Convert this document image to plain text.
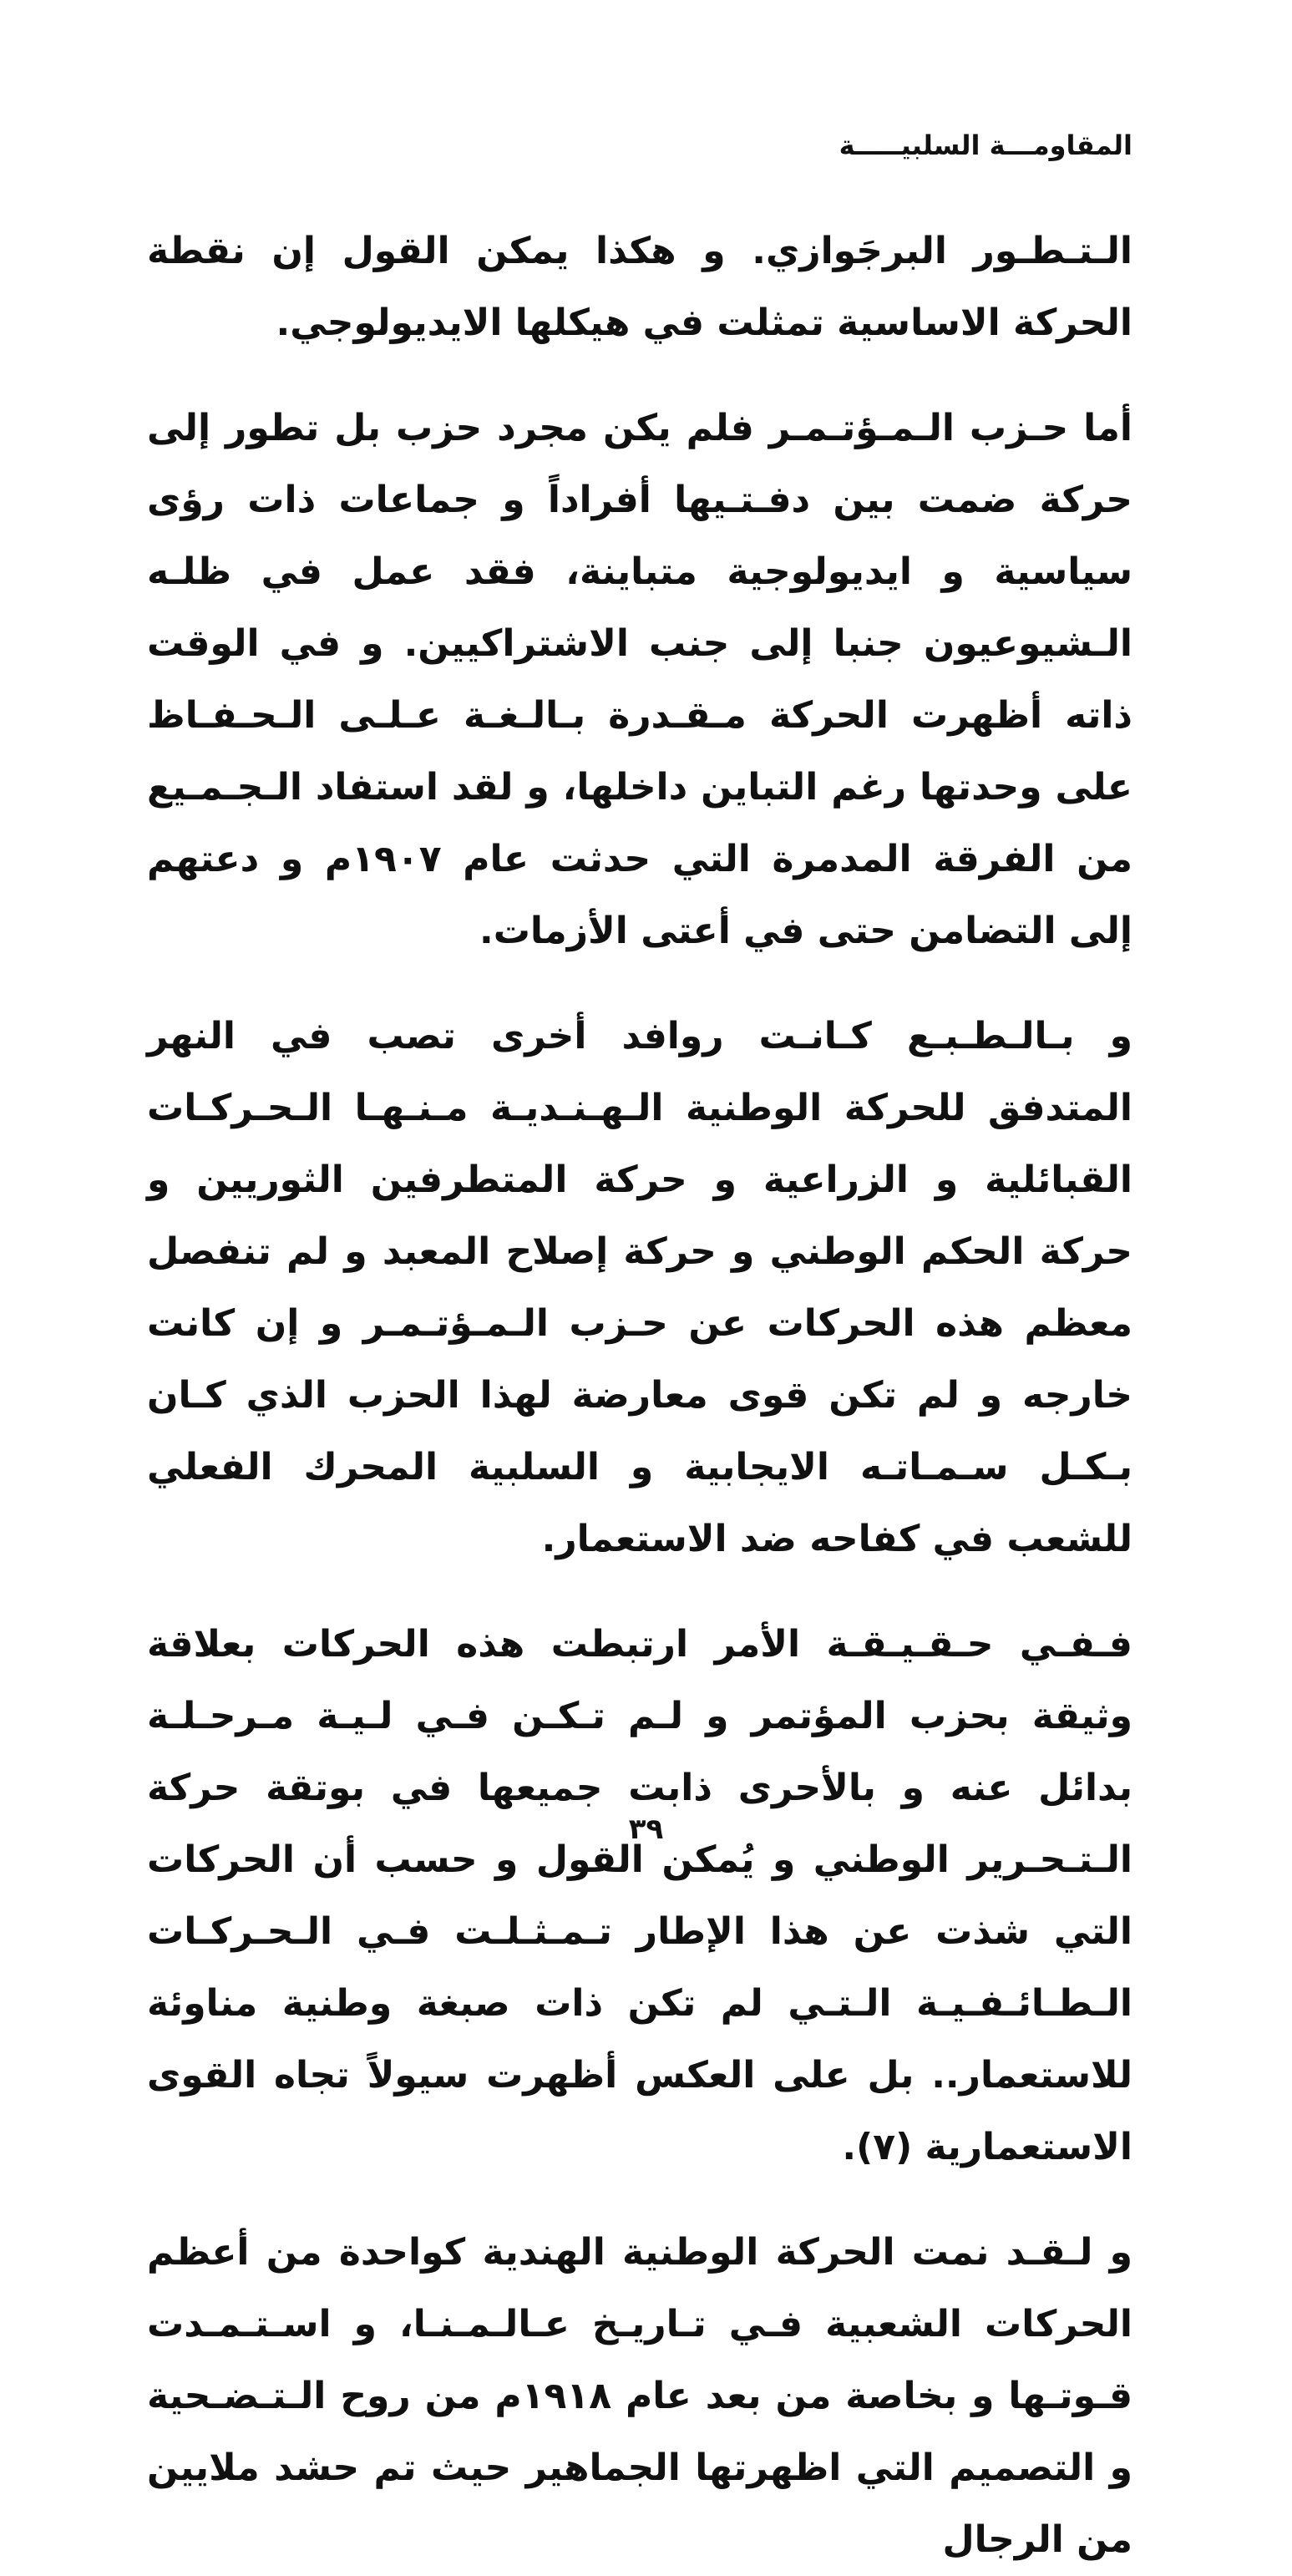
المقاومـــة السلبيـــــة

الـتـطـور البرجَوازي. و هكذا يمكن القول إن نقطة الحركة الاساسية تمثلت في هيكلها الايديولوجي.

أما حـزب الـمـؤتـمـر فلم يكن مجرد حزب بل تطور إلى حركة ضمت بين دفـتـيها أفراداً و جماعات ذات رؤى سياسية و ايديولوجية متباينة، فقد عمل في ظلـه الـشيوعيون جنبا إلى جنب الاشتراكيين. و في الوقت ذاته أظهرت الحركة مـقـدرة بـالـغـة عـلـى الـحـفـاظ على وحدتها رغم التباين داخلها، و لقد استفاد الـجـمـيع من الفرقة المدمرة التي حدثت عام ١٩٠٧م و دعتهم إلى التضامن حتى في أعتى الأزمات.

و بـالـطـبـع كـانـت روافد أخرى تصب في النهر المتدفق للحركة الوطنية الـهـنـديـة مـنـهـا الـحـركـات القبائلية و الزراعية و حركة المتطرفين الثوريين و حركة الحكم الوطني و حركة إصلاح المعبد و لم تنفصل معظم هذه الحركات عن حـزب الـمـؤتـمـر و إن كانت خارجه و لم تكن قوى معارضة لهذا الحزب الذي كـان بـكـل سـمـاتـه الايجابية و السلبية المحرك الفعلي للشعب في كفاحه ضد الاستعمار.

فـفـي حـقـيـقـة الأمر ارتبطت هذه الحركات بعلاقة وثيقة بحزب المؤتمر و لـم تـكـن فـي لـيـة مـرحـلـة بدائل عنه و بالأحرى ذابت جميعها في بوتقة حركة الـتـحـرير الوطني و يُمكن القول و حسب أن الحركات التي شذت عن هذا الإطار تـمـثـلـت فـي الـحـركـات الـطـائـفـيـة الـتـي لم تكن ذات صبغة وطنية مناوئة للاستعمار.. بل على العكس أظهرت سيولاً تجاه القوى الاستعمارية (٧).

و لـقـد نمت الحركة الوطنية الهندية كواحدة من أعظم الحركات الشعبية فـي تـاريـخ عـالـمـنـا، و اسـتـمـدت قـوتـها و بخاصة من بعد عام ١٩١٨م من روح الـتـضـحية و التصميم التي اظهرتها الجماهير حيث تم حشد ملايين من الرجال

٣٩
